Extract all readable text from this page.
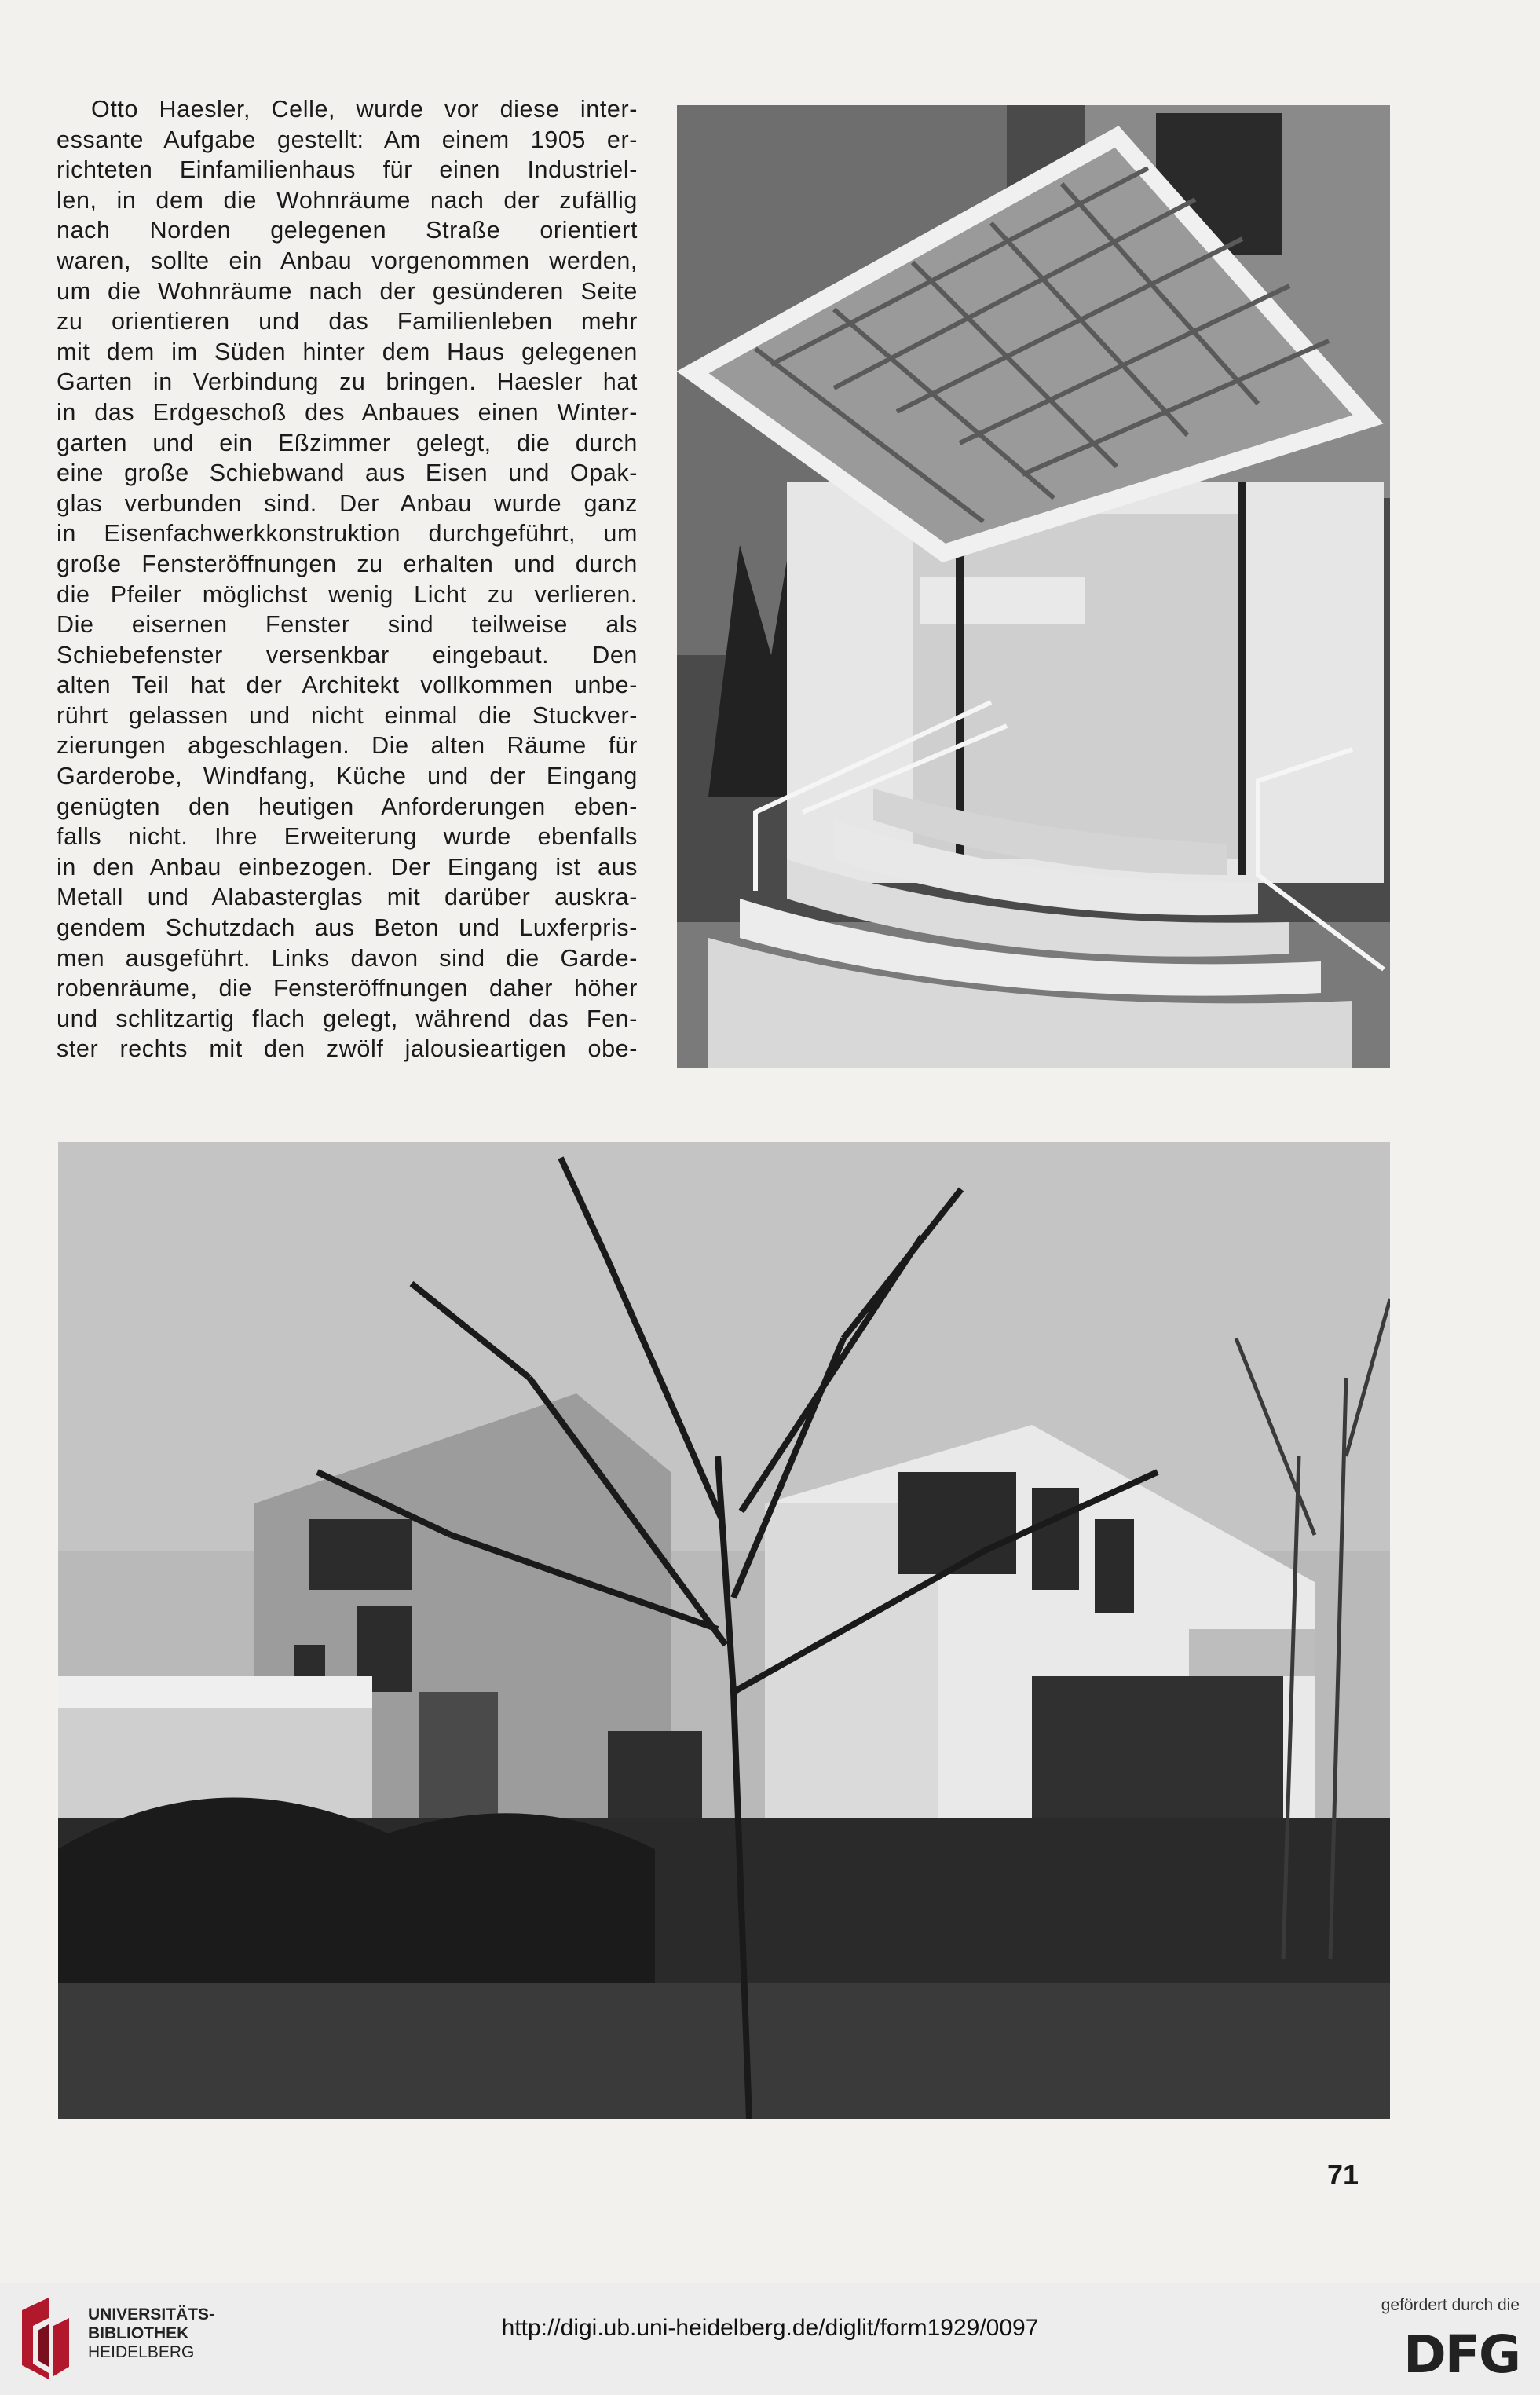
Otto Haesler, Celle, wurde vor diese inter-
essante Aufgabe gestellt: Am einem 1905 er-
richteten Einfamilienhaus für einen Industriel-
len, in dem die Wohnräume nach der zufällig
nach Norden gelegenen Straße orientiert
waren, sollte ein Anbau vorgenommen werden,
um die Wohnräume nach der gesünderen Seite
zu orientieren und das Familienleben mehr
mit dem im Süden hinter dem Haus gelegenen
Garten in Verbindung zu bringen. Haesler hat
in das Erdgeschoß des Anbaues einen Winter-
garten und ein Eßzimmer gelegt, die durch
eine große Schiebwand aus Eisen und Opak-
glas verbunden sind. Der Anbau wurde ganz
in Eisenfachwerkkonstruktion durchgeführt, um
große Fensteröffnungen zu erhalten und durch
die Pfeiler möglichst wenig Licht zu verlieren.
Die eisernen Fenster sind teilweise als
Schiebefenster versenkbar eingebaut. Den
alten Teil hat der Architekt vollkommen unbe-
rührt gelassen und nicht einmal die Stuckver-
zierungen abgeschlagen. Die alten Räume für
Garderobe, Windfang, Küche und der Eingang
genügten den heutigen Anforderungen eben-
falls nicht. Ihre Erweiterung wurde ebenfalls
in den Anbau einbezogen. Der Eingang ist aus
Metall und Alabasterglas mit darüber auskra-
gendem Schutzdach aus Beton und Luxferpris-
men ausgeführt. Links davon sind die Garde-
robenräume, die Fensteröffnungen daher höher
und schlitzartig flach gelegt, während das Fen-
ster rechts mit den zwölf jalousieartigen obe-
71
UNIVERSITÄTS-
BIBLIOTHEK
HEIDELBERG
http://digi.ub.uni-heidelberg.de/diglit/form1929/0097
gefördert durch die
DFG
